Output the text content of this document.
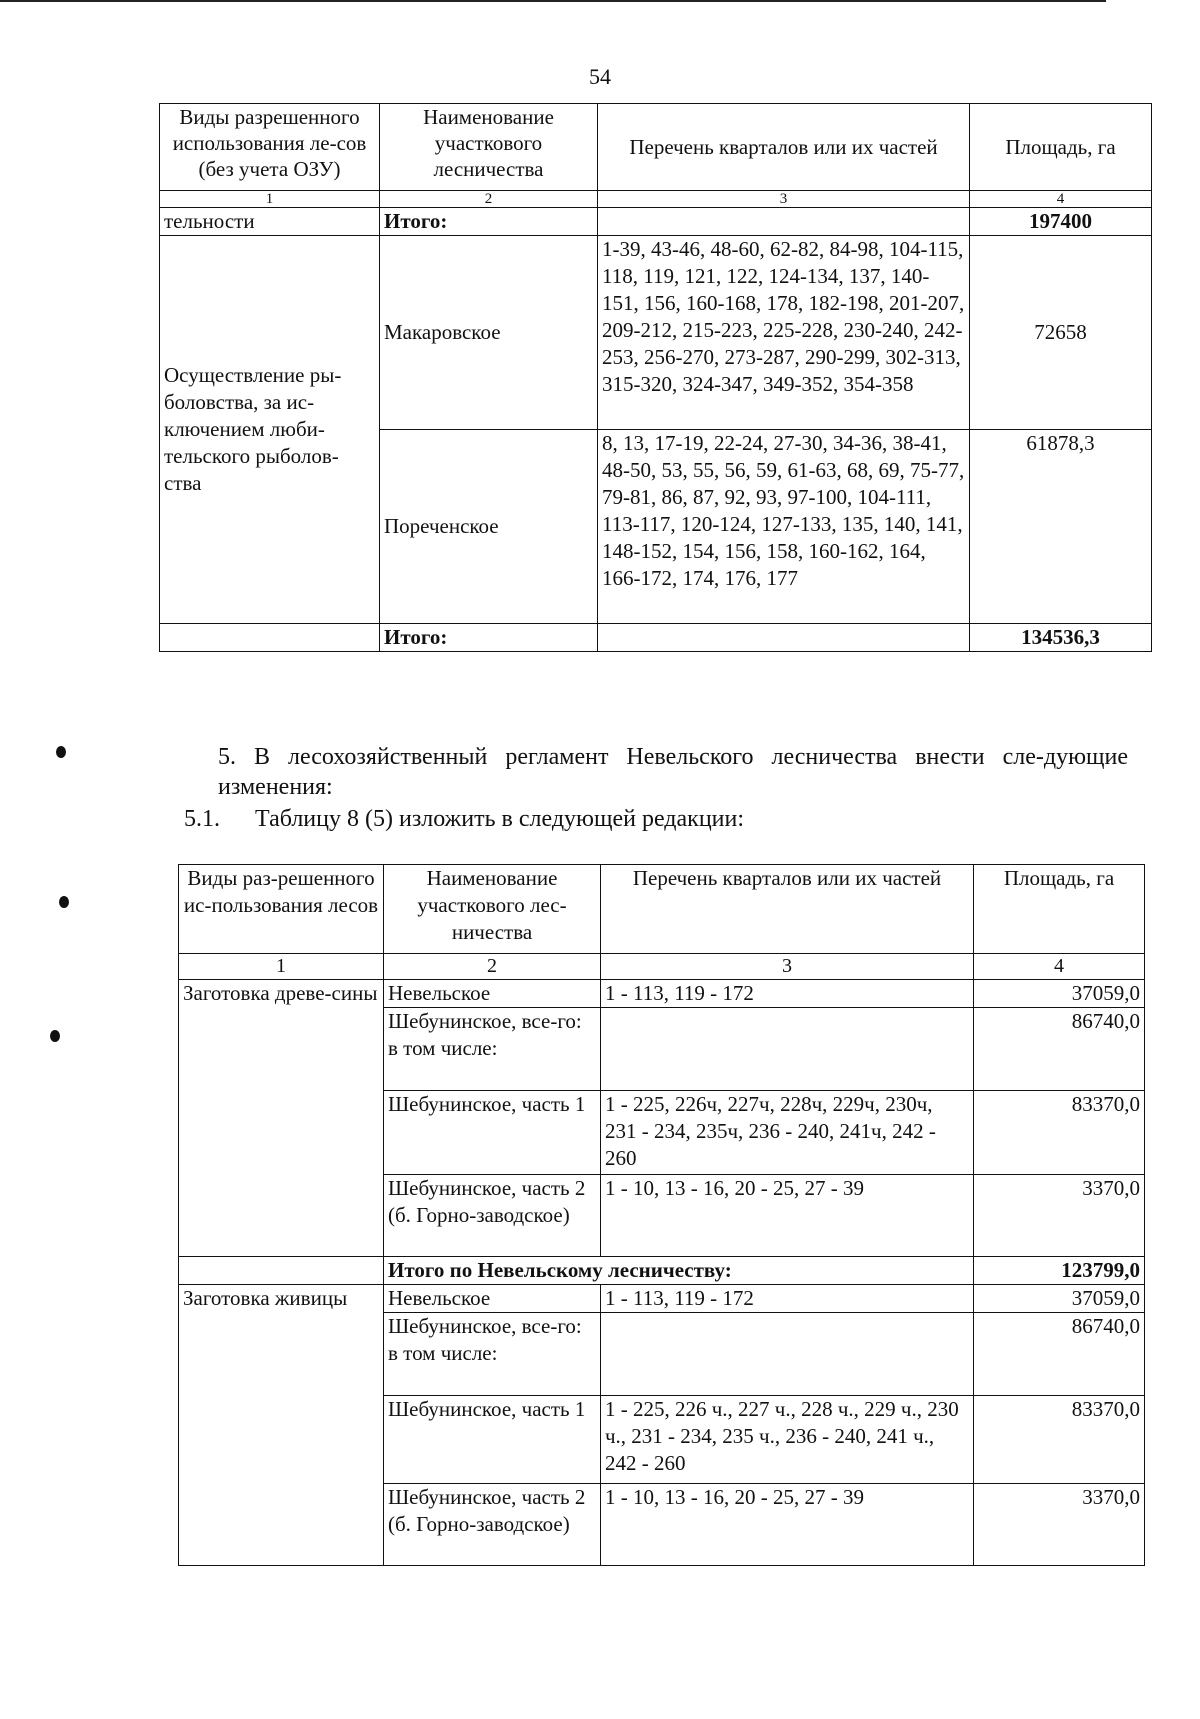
54
Виды разрешенного использования ле-сов (без учета ОЗУ)	Наименование участкового лесничества	Перечень кварталов или их частей	Площадь, га
1	2	3	4
тельности	Итого:		197400
Осуществление ры-боловства, за ис-ключением люби-тельского рыболов-ства	Макаровское	1-39, 43-46, 48-60, 62-82, 84-98, 104-115, 118, 119, 121, 122, 124-134, 137, 140-151, 156, 160-168, 178, 182-198, 201-207, 209-212, 215-223, 225-228, 230-240, 242-253, 256-270, 273-287, 290-299, 302-313, 315-320, 324-347, 349-352, 354-358	72658
	Пореченское	8, 13, 17-19, 22-24, 27-30, 34-36, 38-41, 48-50, 53, 55, 56, 59, 61-63, 68, 69, 75-77, 79-81, 86, 87, 92, 93, 97-100, 104-111, 113-117, 120-124, 127-133, 135, 140, 141, 148-152, 154, 156, 158, 160-162, 164, 166-172, 174, 176, 177	61878,3
	Итого:		134536,3
5. В лесохозяйственный регламент Невельского лесничества внести сле-дующие изменения:
5.1. Таблицу 8 (5) изложить в следующей редакции:
Виды раз-решенного ис-пользования лесов	Наименование участкового лес-ничества	Перечень кварталов или их частей	Площадь, га
1	2	3	4
Заготовка древе-сины	Невельское	1 - 113, 119 - 172	37059,0
	Шебунинское, все-го: в том числе:		86740,0
	Шебунинское, часть 1	1 - 225, 226ч, 227ч, 228ч, 229ч, 230ч, 231 - 234, 235ч, 236 - 240, 241ч, 242 - 260	83370,0
	Шебунинское, часть 2 (б. Горно-заводское)	1 - 10, 13 - 16, 20 - 25, 27 - 39	3370,0
	Итого по Невельскому лесничеству:		123799,0
Заготовка живицы	Невельское	1 - 113, 119 - 172	37059,0
	Шебунинское, все-го: в том числе:		86740,0
	Шебунинское, часть 1	1 - 225, 226 ч., 227 ч., 228 ч., 229 ч., 230 ч., 231 - 234, 235 ч., 236 - 240, 241 ч., 242 - 260	83370,0
	Шебунинское, часть 2 (б. Горно-заводское)	1 - 10, 13 - 16, 20 - 25, 27 - 39	3370,0
